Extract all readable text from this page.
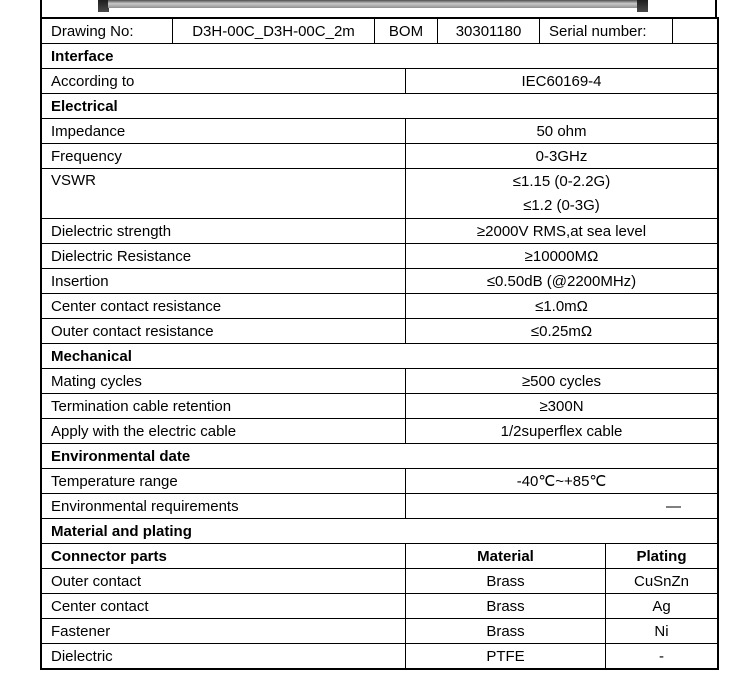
Drawing No:	D3H-00C_D3H-00C_2m	BOM	30301180	Serial number:
Interface
According to	IEC60169-4
Electrical
Impedance	50 ohm
Frequency	0-3GHz
VSWR	≤1.15 (0-2.2G)
≤1.2 (0-3G)
Dielectric strength	≥2000V RMS,at sea level
Dielectric Resistance	≥10000MΩ
Insertion	≤0.50dB (@2200MHz)
Center contact resistance	≤1.0mΩ
Outer contact resistance	≤0.25mΩ
Mechanical
Mating cycles	≥500 cycles
Termination cable retention	≥300N
Apply with the electric cable	1/2superflex cable
Environmental date
Temperature range	-40℃~+85℃
Environmental requirements	—
Material and plating
Connector parts	Material	Plating
Outer contact	Brass	CuSnZn
Center contact	Brass	Ag
Fastener	Brass	Ni
Dielectric	PTFE	-
